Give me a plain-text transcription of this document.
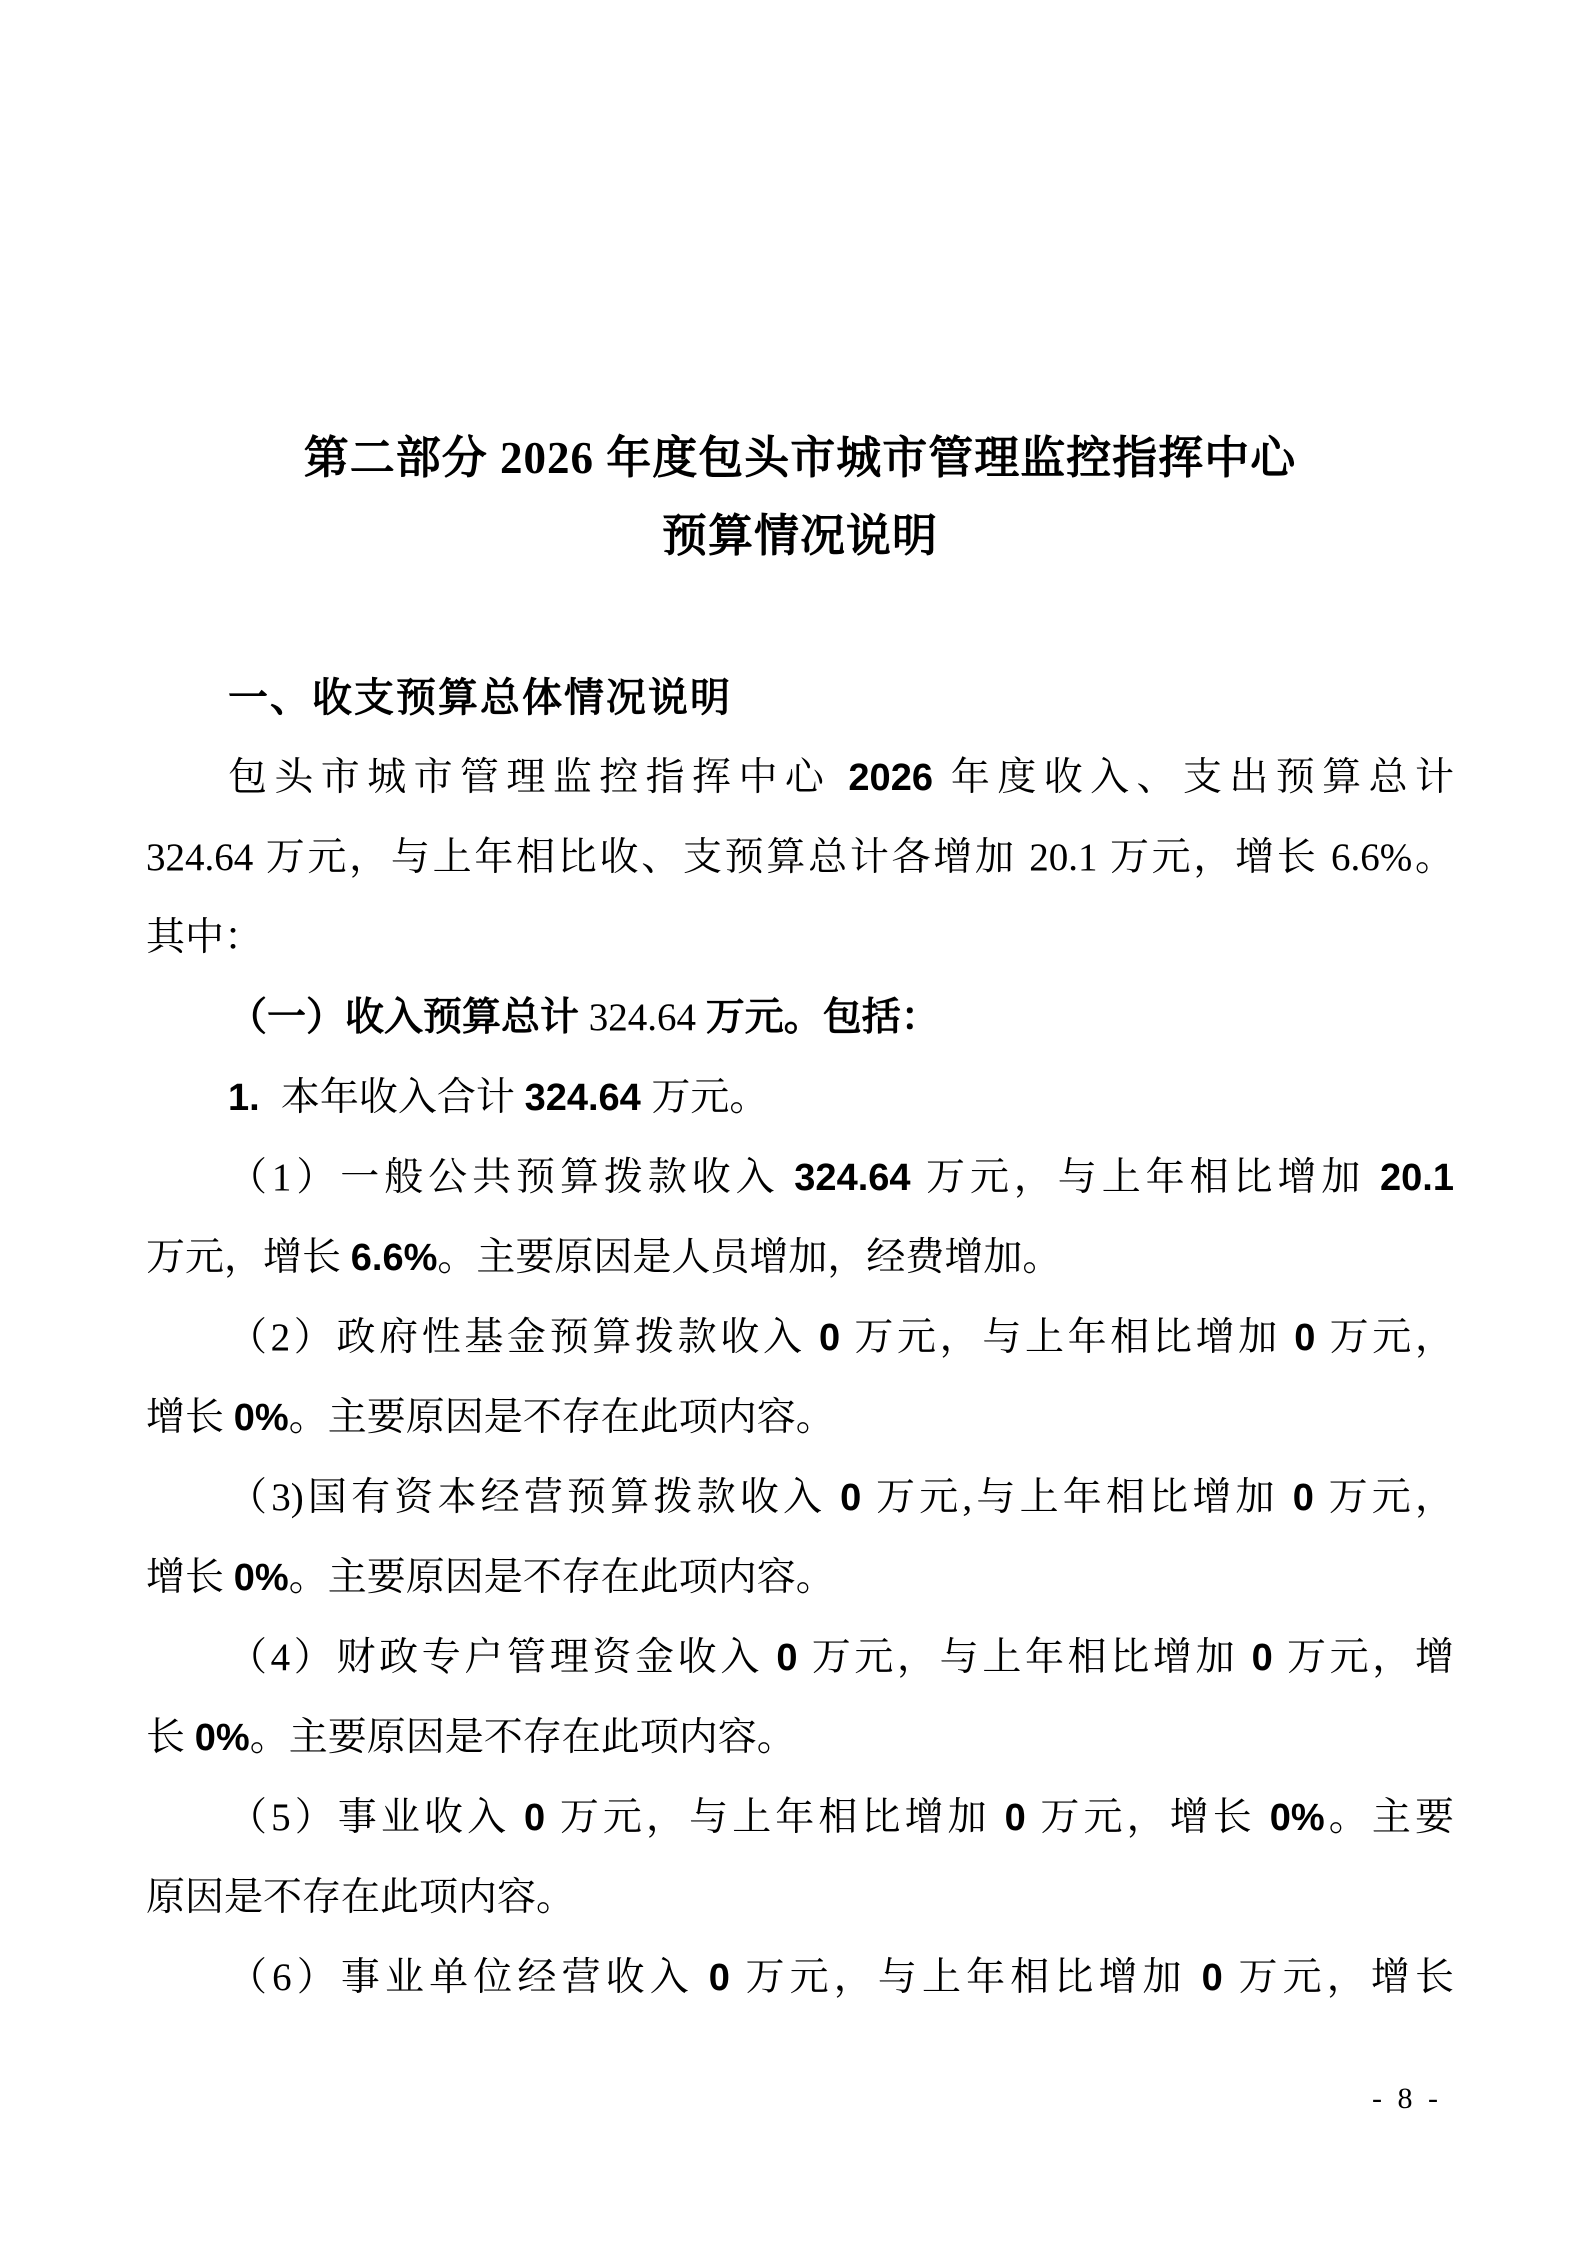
第二部分 2026 年度包头市城市管理监控指挥中心
预算情况说明
一、收支预算总体情况说明
包头市城市管理监控指挥中心 2026 年度收入、支出预算总计
324.64 万元，与上年相比收、支预算总计各增加 20.1 万元，增长 6.6%。
其中：
（一）收入预算总计 324.64 万元。包括：
1.  本年收入合计 324.64 万元。
（1）一般公共预算拨款收入 324.64 万元，与上年相比增加 20.1
万元，增长 6.6%。主要原因是人员增加，经费增加。
（2）政府性基金预算拨款收入 0 万元，与上年相比增加 0 万元，
增长 0%。主要原因是不存在此项内容。
（3)国有资本经营预算拨款收入 0 万元,与上年相比增加 0 万元，
增长 0%。主要原因是不存在此项内容。
（4）财政专户管理资金收入 0 万元，与上年相比增加 0 万元，增
长 0%。主要原因是不存在此项内容。
（5）事业收入 0 万元，与上年相比增加 0 万元，增长 0%。主要
原因是不存在此项内容。
（6）事业单位经营收入 0 万元，与上年相比增加 0 万元，增长
- 8 -
